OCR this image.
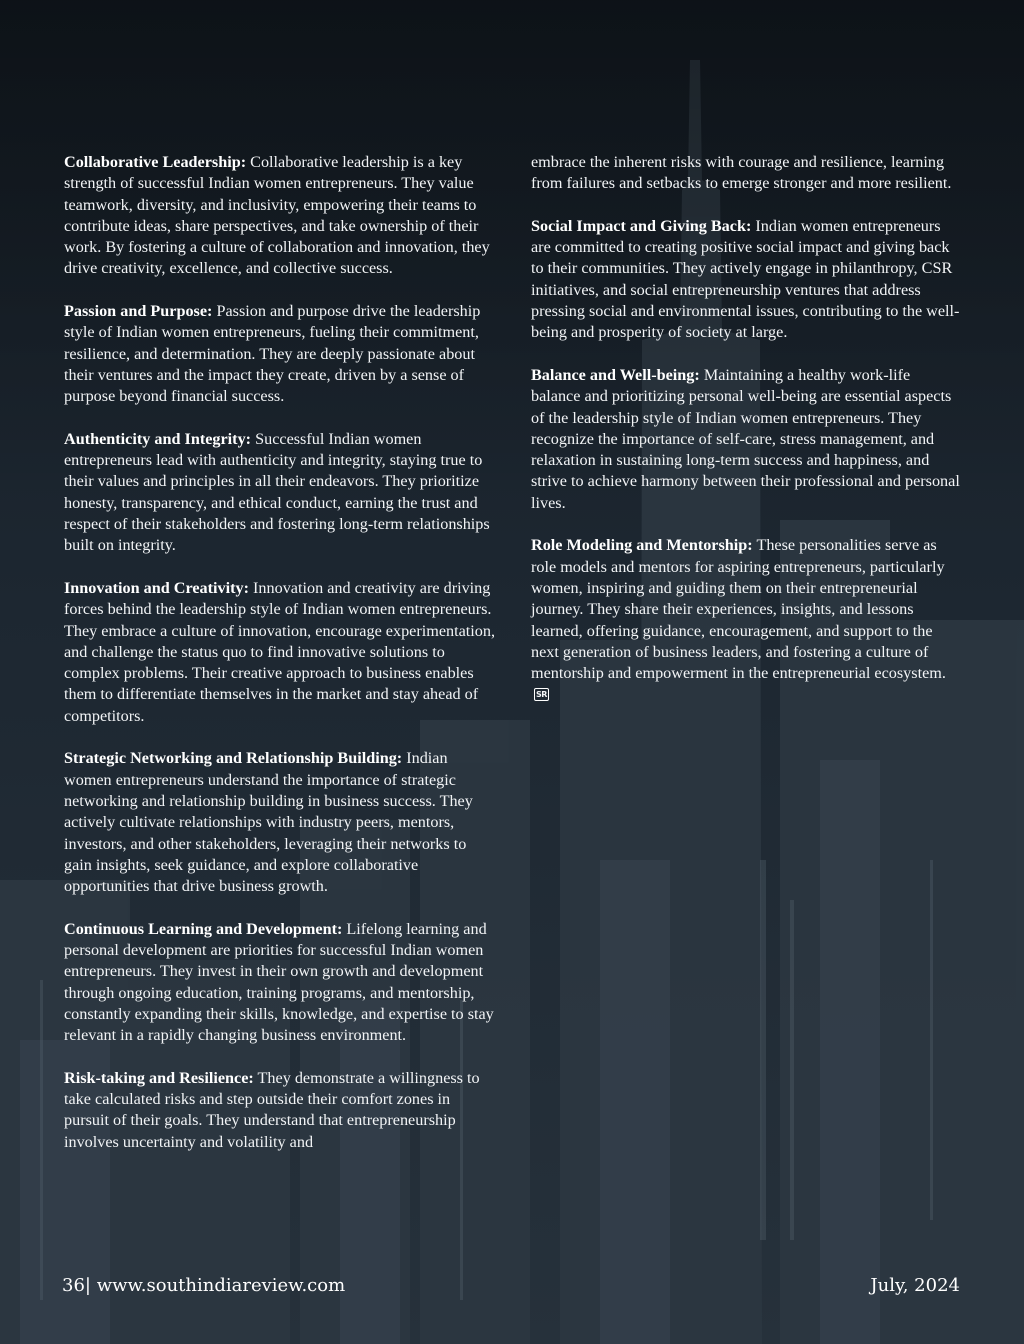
Collaborative Leadership: Collaborative leadership is a key strength of successful Indian women entrepreneurs. They value teamwork, diversity, and inclusivity, empowering their teams to contribute ideas, share perspectives, and take ownership of their work. By fostering a culture of collaboration and innovation, they drive creativity, excellence, and collective success.

Passion and Purpose: Passion and purpose drive the leadership style of Indian women entrepreneurs, fueling their commitment, resilience, and determination. They are deeply passionate about their ventures and the impact they create, driven by a sense of purpose beyond financial success.

Authenticity and Integrity: Successful Indian women entrepreneurs lead with authenticity and integrity, staying true to their values and principles in all their endeavors. They prioritize honesty, transparency, and ethical conduct, earning the trust and respect of their stakeholders and fostering long-term relationships built on integrity.

Innovation and Creativity: Innovation and creativity are driving forces behind the leadership style of Indian women entrepreneurs. They embrace a culture of innovation, encourage experimentation, and challenge the status quo to find innovative solutions to complex problems. Their creative approach to business enables them to differentiate themselves in the market and stay ahead of competitors.

Strategic Networking and Relationship Building: Indian women entrepreneurs understand the importance of strategic networking and relationship building in business success. They actively cultivate relationships with industry peers, mentors, investors, and other stakeholders, leveraging their networks to gain insights, seek guidance, and explore collaborative opportunities that drive business growth.

Continuous Learning and Development: Lifelong learning and personal development are priorities for successful Indian women entrepreneurs. They invest in their own growth and development through ongoing education, training programs, and mentorship, constantly expanding their skills, knowledge, and expertise to stay relevant in a rapidly changing business environment.

Risk-taking and Resilience: They demonstrate a willingness to take calculated risks and step outside their comfort zones in pursuit of their goals. They understand that entrepreneurship involves uncertainty and volatility and

embrace the inherent risks with courage and resilience, learning from failures and setbacks to emerge stronger and more resilient.

Social Impact and Giving Back: Indian women entrepreneurs are committed to creating positive social impact and giving back to their communities. They actively engage in philanthropy, CSR initiatives, and social entrepreneurship ventures that address pressing social and environmental issues, contributing to the well-being and prosperity of society at large.

Balance and Well-being: Maintaining a healthy work-life balance and prioritizing personal well-being are essential aspects of the leadership style of Indian women entrepreneurs. They recognize the importance of self-care, stress management, and relaxation in sustaining long-term success and happiness, and strive to achieve harmony between their professional and personal lives.

Role Modeling and Mentorship: These personalities serve as role models and mentors for aspiring entrepreneurs, particularly women, inspiring and guiding them on their entrepreneurial journey. They share their experiences, insights, and lessons learned, offering guidance, encouragement, and support to the next generation of business leaders, and fostering a culture of mentorship and empowerment in the entrepreneurial ecosystem.SR

36| www.southindiareview.com	July, 2024
